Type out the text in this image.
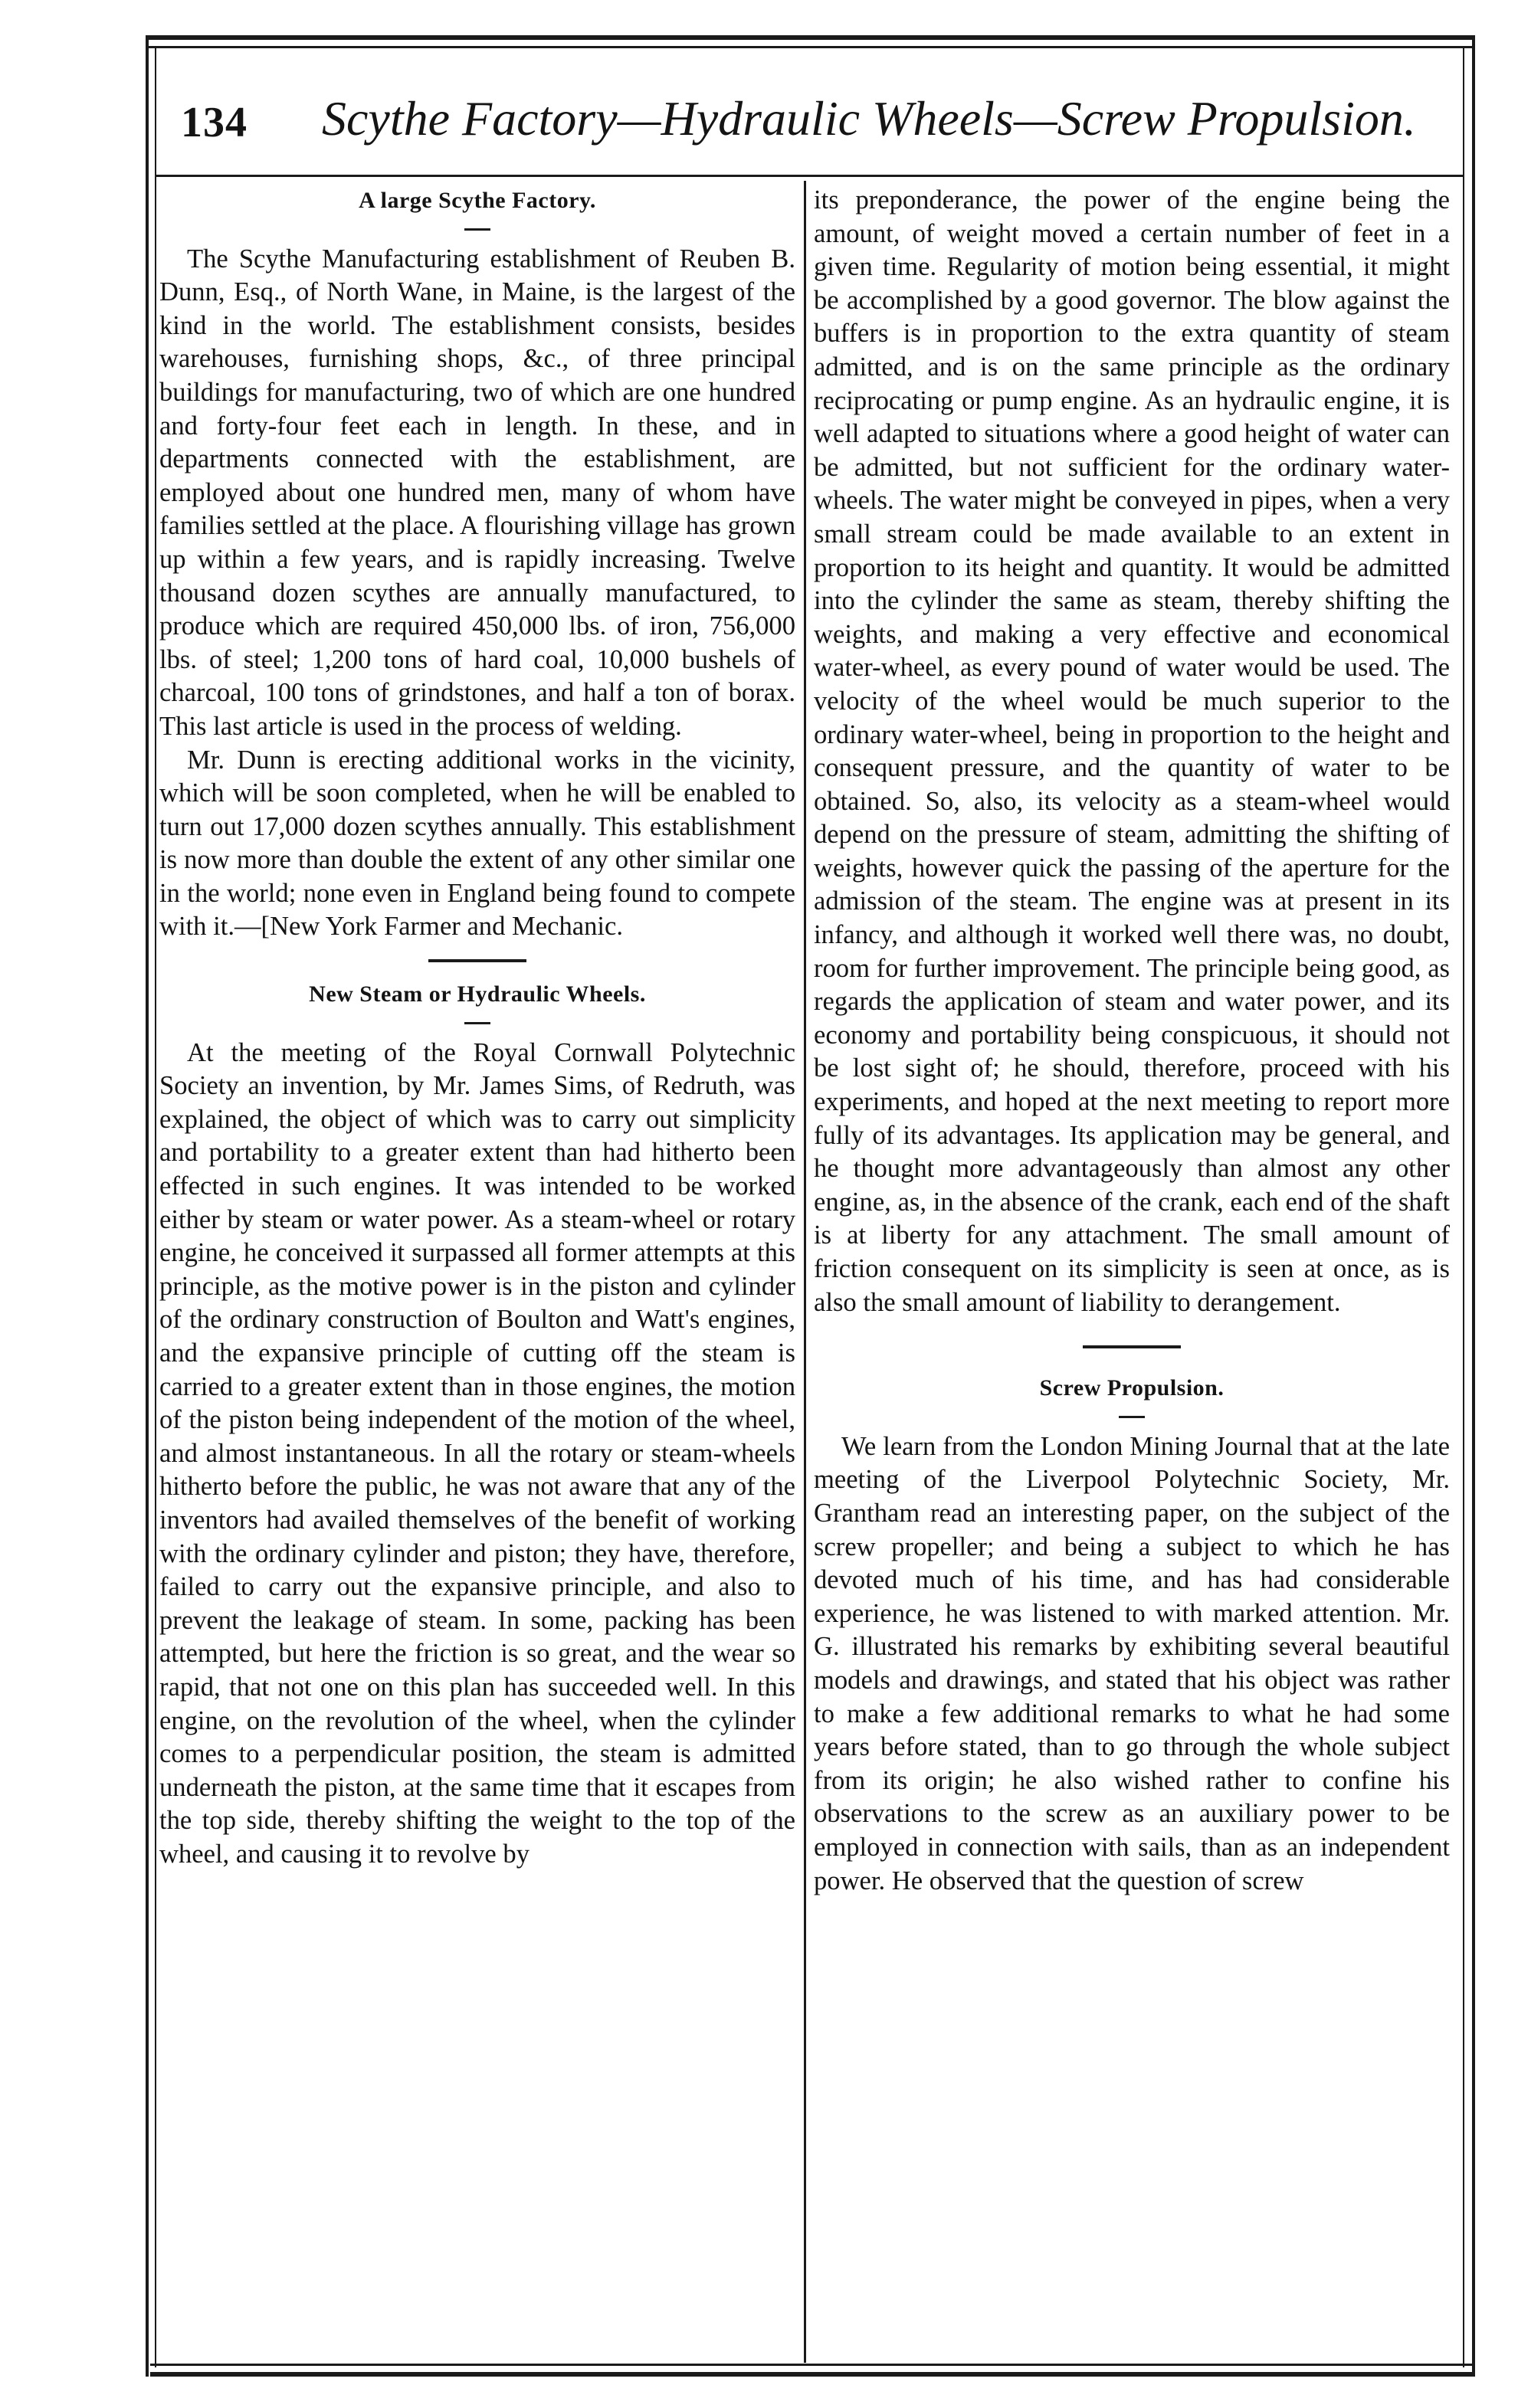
134 Scythe Factory—Hydraulic Wheels—Screw Propulsion.
A large Scythe Factory.

The Scythe Manufacturing establishment of Reuben B. Dunn, Esq., of North Wane, in Maine, is the largest of the kind in the world. The establishment consists, besides warehouses, furnishing shops, &c., of three principal buildings for manufacturing, two of which are one hundred and forty-four feet each in length. In these, and in departments connected with the establishment, are employed about one hundred men, many of whom have families settled at the place. A flourishing village has grown up within a few years, and is rapidly increasing. Twelve thousand dozen scythes are annually manufactured, to produce which are required 450,000 lbs. of iron, 756,000 lbs. of steel; 1,200 tons of hard coal, 10,000 bushels of charcoal, 100 tons of grindstones, and half a ton of borax. This last article is used in the process of welding.

Mr. Dunn is erecting additional works in the vicinity, which will be soon completed, when he will be enabled to turn out 17,000 dozen scythes annually. This establishment is now more than double the extent of any other similar one in the world; none even in England being found to compete with it.—[New York Farmer and Mechanic.

New Steam or Hydraulic Wheels.

At the meeting of the Royal Cornwall Polytechnic Society an invention, by Mr. James Sims, of Redruth, was explained, the object of which was to carry out simplicity and portability to a greater extent than had hitherto been effected in such engines. It was intended to be worked either by steam or water power. As a steam-wheel or rotary engine, he conceived it surpassed all former attempts at this principle, as the motive power is in the piston and cylinder of the ordinary construction of Boulton and Watt's engines, and the expansive principle of cutting off the steam is carried to a greater extent than in those engines, the motion of the piston being independent of the motion of the wheel, and almost instantaneous. In all the rotary or steam-wheels hitherto before the public, he was not aware that any of the inventors had availed themselves of the benefit of working with the ordinary cylinder and piston; they have, therefore, failed to carry out the expansive principle, and also to prevent the leakage of steam. In some, packing has been attempted, but here the friction is so great, and the wear so rapid, that not one on this plan has succeeded well. In this engine, on the revolution of the wheel, when the cylinder comes to a perpendicular position, the steam is admitted underneath the piston, at the same time that it escapes from the top side, thereby shifting the weight to the top of the wheel, and causing it to revolve by

its preponderance, the power of the engine being the amount, of weight moved a certain number of feet in a given time. Regularity of motion being essential, it might be accomplished by a good governor. The blow against the buffers is in proportion to the extra quantity of steam admitted, and is on the same principle as the ordinary reciprocating or pump engine. As an hydraulic engine, it is well adapted to situations where a good height of water can be admitted, but not sufficient for the ordinary water-wheels. The water might be conveyed in pipes, when a very small stream could be made available to an extent in proportion to its height and quantity. It would be admitted into the cylinder the same as steam, thereby shifting the weights, and making a very effective and economical water-wheel, as every pound of water would be used. The velocity of the wheel would be much superior to the ordinary water-wheel, being in proportion to the height and consequent pressure, and the quantity of water to be obtained. So, also, its velocity as a steam-wheel would depend on the pressure of steam, admitting the shifting of weights, however quick the passing of the aperture for the admission of the steam. The engine was at present in its infancy, and although it worked well there was, no doubt, room for further improvement. The principle being good, as regards the application of steam and water power, and its economy and portability being conspicuous, it should not be lost sight of; he should, therefore, proceed with his experiments, and hoped at the next meeting to report more fully of its advantages. Its application may be general, and he thought more advantageously than almost any other engine, as, in the absence of the crank, each end of the shaft is at liberty for any attachment. The small amount of friction consequent on its simplicity is seen at once, as is also the small amount of liability to derangement.

Screw Propulsion.

We learn from the London Mining Journal that at the late meeting of the Liverpool Polytechnic Society, Mr. Grantham read an interesting paper, on the subject of the screw propeller; and being a subject to which he has devoted much of his time, and has had considerable experience, he was listened to with marked attention. Mr. G. illustrated his remarks by exhibiting several beautiful models and drawings, and stated that his object was rather to make a few additional remarks to what he had some years before stated, than to go through the whole subject from its origin; he also wished rather to confine his observations to the screw as an auxiliary power to be employed in connection with sails, than as an independent power. He observed that the question of screw
